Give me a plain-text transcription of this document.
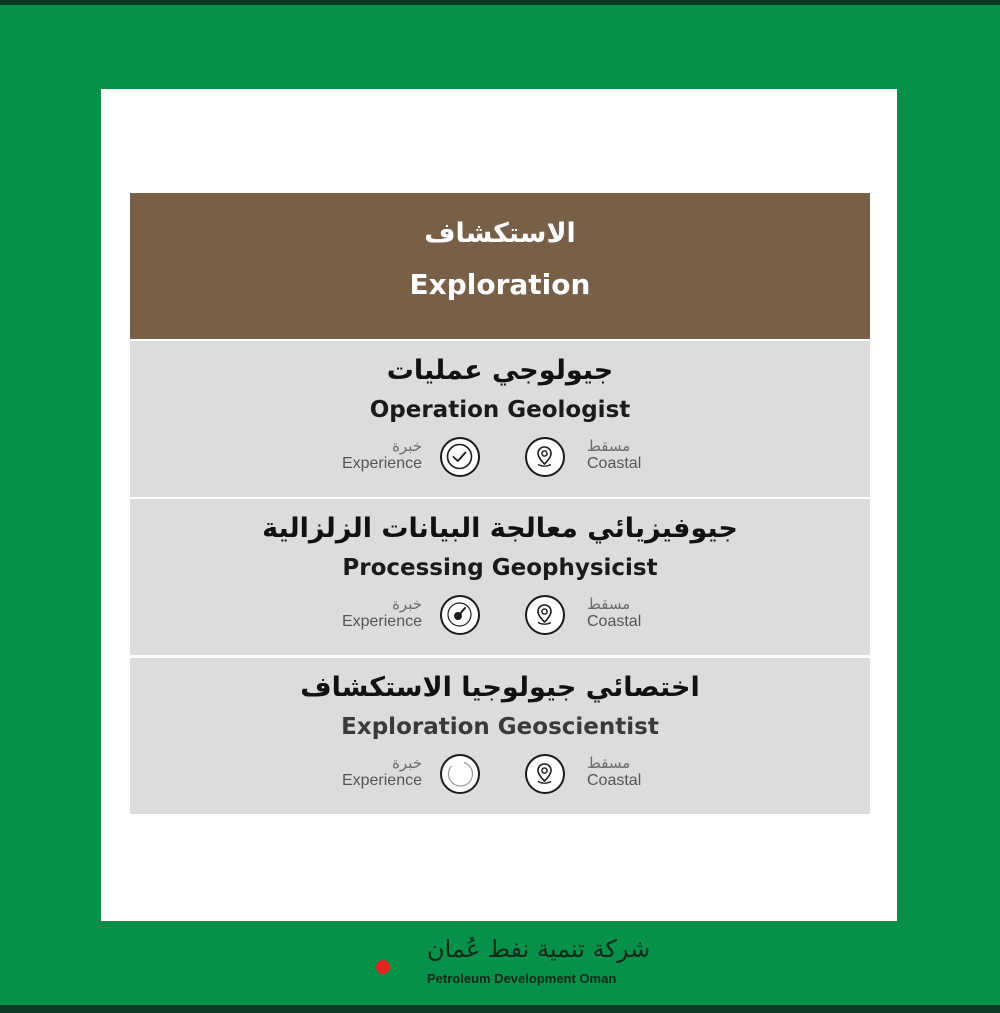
الاستكشاف
Exploration
جيولوجي عمليات
Operation Geologist
خبرة
Experience
مسقط
Coastal
جيوفيزيائي معالجة البيانات الزلزالية
Processing Geophysicist
خبرة
Experience
مسقط
Coastal
اختصائي جيولوجيا الاستكشاف
Exploration Geoscientist
خبرة
Experience
مسقط
Coastal
شركة تنمية نفط عُمان
Petroleum Development Oman
